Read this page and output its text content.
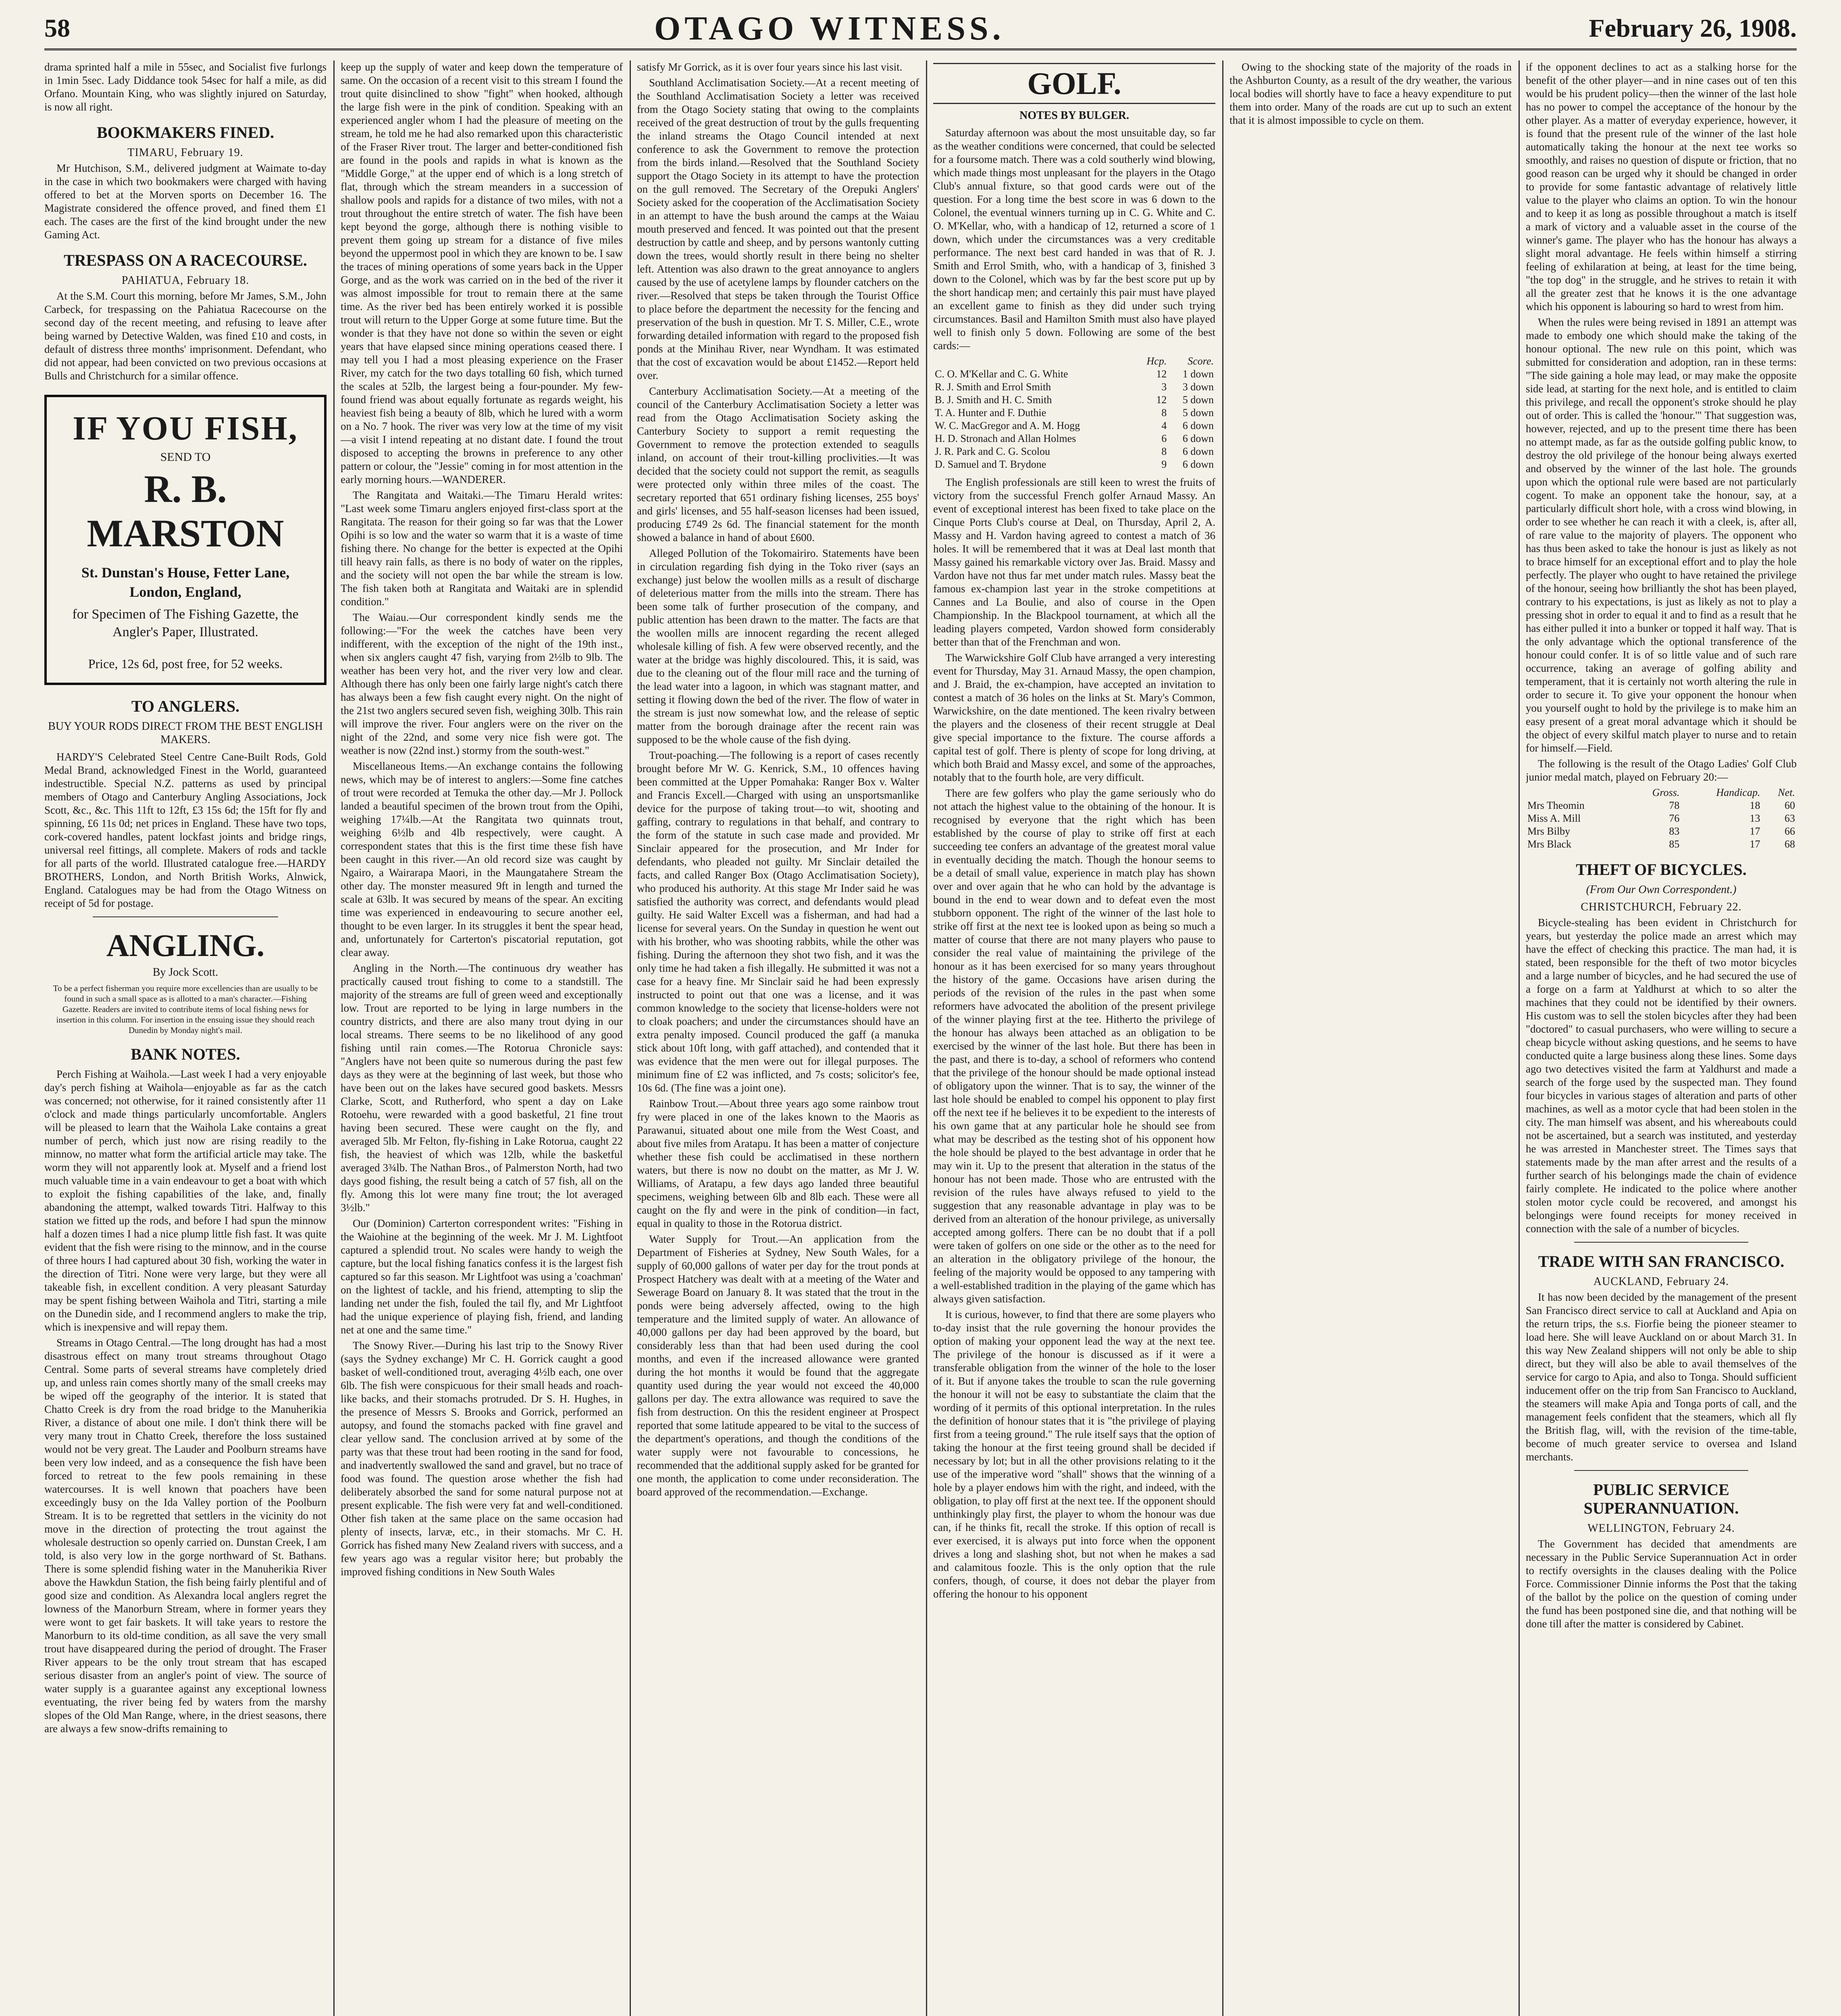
58	OTAGO WITNESS.	February 26, 1908.

drama sprinted half a mile in 55sec, and Socialist five furlongs in 1min 5sec. Lady Diddance took 54sec for half a mile, as did Orfano. Mountain King, who was slightly injured on Saturday, is now all right.

BOOKMAKERS FINED.
TIMARU, February 19.

Mr Hutchison, S.M., delivered judgment at Waimate to-day in the case in which two bookmakers were charged with having offered to bet at the Morven sports on December 16. The Magistrate considered the offence proved, and fined them £1 each. The cases are the first of the kind brought under the new Gaming Act.

TRESPASS ON A RACECOURSE.
PAHIATUA, February 18.

At the S.M. Court this morning, before Mr James, S.M., John Carbeck, for trespassing on the Pahiatua Racecourse on the second day of the recent meeting, and refusing to leave after being warned by Detective Walden, was fined £10 and costs, in default of distress three months' imprisonment. Defendant, who did not appear, had been convicted on two previous occasions at Bulls and Christchurch for a similar offence.

IF YOU FISH,
SEND TO
R. B. MARSTON
St. Dunstan's House, Fetter Lane, London, England,
for Specimen of The Fishing Gazette, the Angler's Paper, Illustrated.
Price, 12s 6d, post free, for 52 weeks.
TO ANGLERS.
BUY YOUR RODS DIRECT FROM THE BEST ENGLISH MAKERS.

HARDY'S Celebrated Steel Centre Cane-Built Rods, Gold Medal Brand, acknowledged Finest in the World, guaranteed indestructible. Special N.Z. patterns as used by principal members of Otago and Canterbury Angling Associations, Jock Scott, &c., &c. This 11ft to 12ft, £3 15s 6d; the 15ft for fly and spinning, £6 11s 0d; net prices in England. These have two tops, cork-covered handles, patent lockfast joints and bridge rings, universal reel fittings, all complete. Makers of rods and tackle for all parts of the world. Illustrated catalogue free.—HARDY BROTHERS, London, and North British Works, Alnwick, England. Catalogues may be had from the Otago Witness on receipt of 5d for postage.

ANGLING.
By Jock Scott.
To be a perfect fisherman you require more excellencies than are usually to be found in such a small space as is allotted to a man's character.—Fishing Gazette. Readers are invited to contribute items of local fishing news for insertion in this column. For insertion in the ensuing issue they should reach Dunedin by Monday night's mail.
BANK NOTES.

Perch Fishing at Waihola.—Last week I had a very enjoyable day's perch fishing at Waihola—enjoyable as far as the catch was concerned; not otherwise, for it rained consistently after 11 o'clock and made things particularly uncomfortable. Anglers will be pleased to learn that the Waihola Lake contains a great number of perch, which just now are rising readily to the minnow, no matter what form the artificial article may take. The worm they will not apparently look at. Myself and a friend lost much valuable time in a vain endeavour to get a boat with which to exploit the fishing capabilities of the lake, and, finally abandoning the attempt, walked towards Titri. Halfway to this station we fitted up the rods, and before I had spun the minnow half a dozen times I had a nice plump little fish fast. It was quite evident that the fish were rising to the minnow, and in the course of three hours I had captured about 30 fish, working the water in the direction of Titri. None were very large, but they were all takeable fish, in excellent condition. A very pleasant Saturday may be spent fishing between Waihola and Titri, starting a mile on the Dunedin side, and I recommend anglers to make the trip, which is inexpensive and will repay them.

Streams in Otago Central.—The long drought has had a most disastrous effect on many trout streams throughout Otago Central. Some parts of several streams have completely dried up, and unless rain comes shortly many of the small creeks may be wiped off the geography of the interior. It is stated that Chatto Creek is dry from the road bridge to the Manuherikia River, a distance of about one mile. I don't think there will be very many trout in Chatto Creek, therefore the loss sustained would not be very great. The Lauder and Poolburn streams have been very low indeed, and as a consequence the fish have been forced to retreat to the few pools remaining in these watercourses. It is well known that poachers have been exceedingly busy on the Ida Valley portion of the Poolburn Stream. It is to be regretted that settlers in the vicinity do not move in the direction of protecting the trout against the wholesale destruction so openly carried on. Dunstan Creek, I am told, is also very low in the gorge northward of St. Bathans. There is some splendid fishing water in the Manuherikia River above the Hawkdun Station, the fish being fairly plentiful and of good size and condition. As Alexandra local anglers regret the lowness of the Manorburn Stream, where in former years they were wont to get fair baskets. It will take years to restore the Manorburn to its old-time condition, as all save the very small trout have disappeared during the period of drought. The Fraser River appears to be the only trout stream that has escaped serious disaster from an angler's point of view. The source of water supply is a guarantee against any exceptional lowness eventuating, the river being fed by waters from the marshy slopes of the Old Man Range, where, in the driest seasons, there are always a few snow-drifts remaining to

keep up the supply of water and keep down the temperature of same. On the occasion of a recent visit to this stream I found the trout quite disinclined to show "fight" when hooked, although the large fish were in the pink of condition. Speaking with an experienced angler whom I had the pleasure of meeting on the stream, he told me he had also remarked upon this characteristic of the Fraser River trout. The larger and better-conditioned fish are found in the pools and rapids in what is known as the "Middle Gorge," at the upper end of which is a long stretch of flat, through which the stream meanders in a succession of shallow pools and rapids for a distance of two miles, with not a trout throughout the entire stretch of water. The fish have been kept beyond the gorge, although there is nothing visible to prevent them going up stream for a distance of five miles beyond the uppermost pool in which they are known to be. I saw the traces of mining operations of some years back in the Upper Gorge, and as the work was carried on in the bed of the river it was almost impossible for trout to remain there at the same time. As the river bed has been entirely worked it is possible trout will return to the Upper Gorge at some future time. But the wonder is that they have not done so within the seven or eight years that have elapsed since mining operations ceased there. I may tell you I had a most pleasing experience on the Fraser River, my catch for the two days totalling 60 fish, which turned the scales at 52lb, the largest being a four-pounder. My few-found friend was about equally fortunate as regards weight, his heaviest fish being a beauty of 8lb, which he lured with a worm on a No. 7 hook. The river was very low at the time of my visit—a visit I intend repeating at no distant date. I found the trout disposed to accepting the browns in preference to any other pattern or colour, the "Jessie" coming in for most attention in the early morning hours.—WANDERER.

The Rangitata and Waitaki.—The Timaru Herald writes: "Last week some Timaru anglers enjoyed first-class sport at the Rangitata. The reason for their going so far was that the Lower Opihi is so low and the water so warm that it is a waste of time fishing there. No change for the better is expected at the Opihi till heavy rain falls, as there is no body of water on the ripples, and the society will not open the bar while the stream is low. The fish taken both at Rangitata and Waitaki are in splendid condition."

The Waiau.—Our correspondent kindly sends me the following:—"For the week the catches have been very indifferent, with the exception of the night of the 19th inst., when six anglers caught 47 fish, varying from 2½lb to 9lb. The weather has been very hot, and the river very low and clear. Although there has only been one fairly large night's catch there has always been a few fish caught every night. On the night of the 21st two anglers secured seven fish, weighing 30lb. This rain will improve the river. Four anglers were on the river on the night of the 22nd, and some very nice fish were got. The weather is now (22nd inst.) stormy from the south-west."

Miscellaneous Items.—An exchange contains the following news, which may be of interest to anglers:—Some fine catches of trout were recorded at Temuka the other day.—Mr J. Pollock landed a beautiful specimen of the brown trout from the Opihi, weighing 17¼lb.—At the Rangitata two quinnats trout, weighing 6½lb and 4lb respectively, were caught. A correspondent states that this is the first time these fish have been caught in this river.—An old record size was caught by Ngairo, a Wairarapa Maori, in the Maungatahere Stream the other day. The monster measured 9ft in length and turned the scale at 63lb. It was secured by means of the spear. An exciting time was experienced in endeavouring to secure another eel, thought to be even larger. In its struggles it bent the spear head, and, unfortunately for Carterton's piscatorial reputation, got clear away.

Angling in the North.—The continuous dry weather has practically caused trout fishing to come to a standstill. The majority of the streams are full of green weed and exceptionally low. Trout are reported to be lying in large numbers in the country districts, and there are also many trout dying in our local streams. There seems to be no likelihood of any good fishing until rain comes.—The Rotorua Chronicle says: "Anglers have not been quite so numerous during the past few days as they were at the beginning of last week, but those who have been out on the lakes have secured good baskets. Messrs Clarke, Scott, and Rutherford, who spent a day on Lake Rotoehu, were rewarded with a good basketful, 21 fine trout having been secured. These were caught on the fly, and averaged 5lb. Mr Felton, fly-fishing in Lake Rotorua, caught 22 fish, the heaviest of which was 12lb, while the basketful averaged 3¾lb. The Nathan Bros., of Palmerston North, had two days good fishing, the result being a catch of 57 fish, all on the fly. Among this lot were many fine trout; the lot averaged 3½lb."

Our (Dominion) Carterton correspondent writes: "Fishing in the Waiohine at the beginning of the week. Mr J. M. Lightfoot captured a splendid trout. No scales were handy to weigh the capture, but the local fishing fanatics confess it is the largest fish captured so far this season. Mr Lightfoot was using a 'coachman' on the lightest of tackle, and his friend, attempting to slip the landing net under the fish, fouled the tail fly, and Mr Lightfoot had the unique experience of playing fish, friend, and landing net at one and the same time."

The Snowy River.—During his last trip to the Snowy River (says the Sydney exchange) Mr C. H. Gorrick caught a good basket of well-conditioned trout, averaging 4½lb each, one over 6lb. The fish were conspicuous for their small heads and roach-like backs, and their stomachs protruded. Dr S. H. Hughes, in the presence of Messrs S. Brooks and Gorrick, performed an autopsy, and found the stomachs packed with fine gravel and clear yellow sand. The conclusion arrived at by some of the party was that these trout had been rooting in the sand for food, and inadvertently swallowed the sand and gravel, but no trace of food was found. The question arose whether the fish had deliberately absorbed the sand for some natural purpose not at present explicable. The fish were very fat and well-conditioned. Other fish taken at the same place on the same occasion had plenty of insects, larvæ, etc., in their stomachs. Mr C. H. Gorrick has fished many New Zealand rivers with success, and a few years ago was a regular visitor here; but probably the improved fishing conditions in New South Wales

satisfy Mr Gorrick, as it is over four years since his last visit.

Southland Acclimatisation Society.—At a recent meeting of the Southland Acclimatisation Society a letter was received from the Otago Society stating that owing to the complaints received of the great destruction of trout by the gulls frequenting the inland streams the Otago Council intended at next conference to ask the Government to remove the protection from the birds inland.—Resolved that the Southland Society support the Otago Society in its attempt to have the protection on the gull removed. The Secretary of the Orepuki Anglers' Society asked for the cooperation of the Acclimatisation Society in an attempt to have the bush around the camps at the Waiau mouth preserved and fenced. It was pointed out that the present destruction by cattle and sheep, and by persons wantonly cutting down the trees, would shortly result in there being no shelter left. Attention was also drawn to the great annoyance to anglers caused by the use of acetylene lamps by flounder catchers on the river.—Resolved that steps be taken through the Tourist Office to place before the department the necessity for the fencing and preservation of the bush in question. Mr T. S. Miller, C.E., wrote forwarding detailed information with regard to the proposed fish ponds at the Minihau River, near Wyndham. It was estimated that the cost of excavation would be about £1452.—Report held over.

Canterbury Acclimatisation Society.—At a meeting of the council of the Canterbury Acclimatisation Society a letter was read from the Otago Acclimatisation Society asking the Canterbury Society to support a remit requesting the Government to remove the protection extended to seagulls inland, on account of their trout-killing proclivities.—It was decided that the society could not support the remit, as seagulls were protected only within three miles of the coast. The secretary reported that 651 ordinary fishing licenses, 255 boys' and girls' licenses, and 55 half-season licenses had been issued, producing £749 2s 6d. The financial statement for the month showed a balance in hand of about £600.

Alleged Pollution of the Tokomairiro. Statements have been in circulation regarding fish dying in the Toko river (says an exchange) just below the woollen mills as a result of discharge of deleterious matter from the mills into the stream. There has been some talk of further prosecution of the company, and public attention has been drawn to the matter. The facts are that the woollen mills are innocent regarding the recent alleged wholesale killing of fish. A few were observed recently, and the water at the bridge was highly discoloured. This, it is said, was due to the cleaning out of the flour mill race and the turning of the lead water into a lagoon, in which was stagnant matter, and setting it flowing down the bed of the river. The flow of water in the stream is just now somewhat low, and the release of septic matter from the borough drainage after the recent rain was supposed to be the whole cause of the fish dying.

Trout-poaching.—The following is a report of cases recently brought before Mr W. G. Kenrick, S.M., 10 offences having been committed at the Upper Pomahaka: Ranger Box v. Walter and Francis Excell.—Charged with using an unsportsmanlike device for the purpose of taking trout—to wit, shooting and gaffing, contrary to regulations in that behalf, and contrary to the form of the statute in such case made and provided. Mr Sinclair appeared for the prosecution, and Mr Inder for defendants, who pleaded not guilty. Mr Sinclair detailed the facts, and called Ranger Box (Otago Acclimatisation Society), who produced his authority. At this stage Mr Inder said he was satisfied the authority was correct, and defendants would plead guilty. He said Walter Excell was a fisherman, and had had a license for several years. On the Sunday in question he went out with his brother, who was shooting rabbits, while the other was fishing. During the afternoon they shot two fish, and it was the only time he had taken a fish illegally. He submitted it was not a case for a heavy fine. Mr Sinclair said he had been expressly instructed to point out that one was a license, and it was common knowledge to the society that license-holders were not to cloak poachers; and under the circumstances should have an extra penalty imposed. Council produced the gaff (a manuka stick about 10ft long, with gaff attached), and contended that it was evidence that the men were out for illegal purposes. The minimum fine of £2 was inflicted, and 7s costs; solicitor's fee, 10s 6d. (The fine was a joint one).

Rainbow Trout.—About three years ago some rainbow trout fry were placed in one of the lakes known to the Maoris as Parawanui, situated about one mile from the West Coast, and about five miles from Aratapu. It has been a matter of conjecture whether these fish could be acclimatised in these northern waters, but there is now no doubt on the matter, as Mr J. W. Williams, of Aratapu, a few days ago landed three beautiful specimens, weighing between 6lb and 8lb each. These were all caught on the fly and were in the pink of condition—in fact, equal in quality to those in the Rotorua district.

Water Supply for Trout.—An application from the Department of Fisheries at Sydney, New South Wales, for a supply of 60,000 gallons of water per day for the trout ponds at Prospect Hatchery was dealt with at a meeting of the Water and Sewerage Board on January 8. It was stated that the trout in the ponds were being adversely affected, owing to the high temperature and the limited supply of water. An allowance of 40,000 gallons per day had been approved by the board, but considerably less than that had been used during the cool months, and even if the increased allowance were granted during the hot months it would be found that the aggregate quantity used during the year would not exceed the 40,000 gallons per day. The extra allowance was required to save the fish from destruction. On this the resident engineer at Prospect reported that some latitude appeared to be vital to the success of the department's operations, and though the conditions of the water supply were not favourable to concessions, he recommended that the additional supply asked for be granted for one month, the application to come under reconsideration. The board approved of the recommendation.—Exchange.

GOLF.
NOTES BY BULGER.

Saturday afternoon was about the most unsuitable day, so far as the weather conditions were concerned, that could be selected for a foursome match. There was a cold southerly wind blowing, which made things most unpleasant for the players in the Otago Club's annual fixture, so that good cards were out of the question. For a long time the best score in was 6 down to the Colonel, the eventual winners turning up in C. G. White and C. O. M'Kellar, who, with a handicap of 12, returned a score of 1 down, which under the circumstances was a very creditable performance. The next best card handed in was that of R. J. Smith and Errol Smith, who, with a handicap of 3, finished 3 down to the Colonel, which was by far the best score put up by the short handicap men; and certainly this pair must have played an excellent game to finish as they did under such trying circumstances. Basil and Hamilton Smith must also have played well to finish only 5 down. Following are some of the best cards:—

	Hcp.	Score.
C. O. M'Kellar and C. G. White	12	1 down
R. J. Smith and Errol Smith	3	3 down
B. J. Smith and H. C. Smith	12	5 down
T. A. Hunter and F. Duthie	8	5 down
W. C. MacGregor and A. M. Hogg	4	6 down
H. D. Stronach and Allan Holmes	6	6 down
J. R. Park and C. G. Scolou	8	6 down
D. Samuel and T. Brydone	9	6 down

The English professionals are still keen to wrest the fruits of victory from the successful French golfer Arnaud Massy. An event of exceptional interest has been fixed to take place on the Cinque Ports Club's course at Deal, on Thursday, April 2, A. Massy and H. Vardon having agreed to contest a match of 36 holes. It will be remembered that it was at Deal last month that Massy gained his remarkable victory over Jas. Braid. Massy and Vardon have not thus far met under match rules. Massy beat the famous ex-champion last year in the stroke competitions at Cannes and La Boulie, and also of course in the Open Championship. In the Blackpool tournament, at which all the leading players competed, Vardon showed form considerably better than that of the Frenchman and won.

The Warwickshire Golf Club have arranged a very interesting event for Thursday, May 31. Arnaud Massy, the open champion, and J. Braid, the ex-champion, have accepted an invitation to contest a match of 36 holes on the links at St. Mary's Common, Warwickshire, on the date mentioned. The keen rivalry between the players and the closeness of their recent struggle at Deal give special importance to the fixture. The course affords a capital test of golf. There is plenty of scope for long driving, at which both Braid and Massy excel, and some of the approaches, notably that to the fourth hole, are very difficult.

There are few golfers who play the game seriously who do not attach the highest value to the obtaining of the honour. It is recognised by everyone that the right which has been established by the course of play to strike off first at each succeeding tee confers an advantage of the greatest moral value in eventually deciding the match. Though the honour seems to be a detail of small value, experience in match play has shown over and over again that he who can hold by the advantage is bound in the end to wear down and to defeat even the most stubborn opponent. The right of the winner of the last hole to strike off first at the next tee is looked upon as being so much a matter of course that there are not many players who pause to consider the real value of maintaining the privilege of the honour as it has been exercised for so many years throughout the history of the game. Occasions have arisen during the periods of the revision of the rules in the past when some reformers have advocated the abolition of the present privilege of the winner playing first at the tee. Hitherto the privilege of the honour has always been attached as an obligation to be exercised by the winner of the last hole. But there has been in the past, and there is to-day, a school of reformers who contend that the privilege of the honour should be made optional instead of obligatory upon the winner. That is to say, the winner of the last hole should be enabled to compel his opponent to play first off the next tee if he believes it to be expedient to the interests of his own game that at any particular hole he should see from what may be described as the testing shot of his opponent how the hole should be played to the best advantage in order that he may win it. Up to the present that alteration in the status of the honour has not been made. Those who are entrusted with the revision of the rules have always refused to yield to the suggestion that any reasonable advantage in play was to be derived from an alteration of the honour privilege, as universally accepted among golfers. There can be no doubt that if a poll were taken of golfers on one side or the other as to the need for an alteration in the obligatory privilege of the honour, the feeling of the majority would be opposed to any tampering with a well-established tradition in the playing of the game which has always given satisfaction.

It is curious, however, to find that there are some players who to-day insist that the rule governing the honour provides the option of making your opponent lead the way at the next tee. The privilege of the honour is discussed as if it were a transferable obligation from the winner of the hole to the loser of it. But if anyone takes the trouble to scan the rule governing the honour it will not be easy to substantiate the claim that the wording of it permits of this optional interpretation. In the rules the definition of honour states that it is "the privilege of playing first from a teeing ground." The rule itself says that the option of taking the honour at the first teeing ground shall be decided if necessary by lot; but in all the other provisions relating to it the use of the imperative word "shall" shows that the winning of a hole by a player endows him with the right, and indeed, with the obligation, to play off first at the next tee. If the opponent should unthinkingly play first, the player to whom the honour was due can, if he thinks fit, recall the stroke. If this option of recall is ever exercised, it is always put into force when the opponent drives a long and slashing shot, but not when he makes a sad and calamitous foozle. This is the only option that the rule confers, though, of course, it does not debar the player from offering the honour to his opponent

Owing to the shocking state of the majority of the roads in the Ashburton County, as a result of the dry weather, the various local bodies will shortly have to face a heavy expenditure to put them into order. Many of the roads are cut up to such an extent that it is almost impossible to cycle on them.

if the opponent declines to act as a stalking horse for the benefit of the other player—and in nine cases out of ten this would be his prudent policy—then the winner of the last hole has no power to compel the acceptance of the honour by the other player. As a matter of everyday experience, however, it is found that the present rule of the winner of the last hole automatically taking the honour at the next tee works so smoothly, and raises no question of dispute or friction, that no good reason can be urged why it should be changed in order to provide for some fantastic advantage of relatively little value to the player who claims an option. To win the honour and to keep it as long as possible throughout a match is itself a mark of victory and a valuable asset in the course of the winner's game. The player who has the honour has always a slight moral advantage. He feels within himself a stirring feeling of exhilaration at being, at least for the time being, "the top dog" in the struggle, and he strives to retain it with all the greater zest that he knows it is the one advantage which his opponent is labouring so hard to wrest from him.

When the rules were being revised in 1891 an attempt was made to embody one which should make the taking of the honour optional. The new rule on this point, which was submitted for consideration and adoption, ran in these terms: "The side gaining a hole may lead, or may make the opposite side lead, at starting for the next hole, and is entitled to claim this privilege, and recall the opponent's stroke should he play out of order. This is called the 'honour.'" That suggestion was, however, rejected, and up to the present time there has been no attempt made, as far as the outside golfing public know, to destroy the old privilege of the honour being always exerted and observed by the winner of the last hole. The grounds upon which the optional rule were based are not particularly cogent. To make an opponent take the honour, say, at a particularly difficult short hole, with a cross wind blowing, in order to see whether he can reach it with a cleek, is, after all, of rare value to the majority of players. The opponent who has thus been asked to take the honour is just as likely as not to brace himself for an exceptional effort and to play the hole perfectly. The player who ought to have retained the privilege of the honour, seeing how brilliantly the shot has been played, contrary to his expectations, is just as likely as not to play a pressing shot in order to equal it and to find as a result that he has either pulled it into a bunker or topped it half way. That is the only advantage which the optional transference of the honour could confer. It is of so little value and of such rare occurrence, taking an average of golfing ability and temperament, that it is certainly not worth altering the rule in order to secure it. To give your opponent the honour when you yourself ought to hold by the privilege is to make him an easy present of a great moral advantage which it should be the object of every skilful match player to nurse and to retain for himself.—Field.

The following is the result of the Otago Ladies' Golf Club junior medal match, played on February 20:—

	Gross.	Handicap.	Net.
Mrs Theomin	78	18	60
Miss A. Mill	76	13	63
Mrs Bilby	83	17	66
Mrs Black	85	17	68
THEFT OF BICYCLES.
(From Our Own Correspondent.)
CHRISTCHURCH, February 22.

Bicycle-stealing has been evident in Christchurch for years, but yesterday the police made an arrest which may have the effect of checking this practice. The man had, it is stated, been responsible for the theft of two motor bicycles and a large number of bicycles, and he had secured the use of a forge on a farm at Yaldhurst at which to so alter the machines that they could not be identified by their owners. His custom was to sell the stolen bicycles after they had been "doctored" to casual purchasers, who were willing to secure a cheap bicycle without asking questions, and he seems to have conducted quite a large business along these lines. Some days ago two detectives visited the farm at Yaldhurst and made a search of the forge used by the suspected man. They found four bicycles in various stages of alteration and parts of other machines, as well as a motor cycle that had been stolen in the city. The man himself was absent, and his whereabouts could not be ascertained, but a search was instituted, and yesterday he was arrested in Manchester street. The Times says that statements made by the man after arrest and the results of a further search of his belongings made the chain of evidence fairly complete. He indicated to the police where another stolen motor cycle could be recovered, and amongst his belongings were found receipts for money received in connection with the sale of a number of bicycles.

TRADE WITH SAN FRANCISCO.
AUCKLAND, February 24.

It has now been decided by the management of the present San Francisco direct service to call at Auckland and Apia on the return trips, the s.s. Fiorfie being the pioneer steamer to load here. She will leave Auckland on or about March 31. In this way New Zealand shippers will not only be able to ship direct, but they will also be able to avail themselves of the service for cargo to Apia, and also to Tonga. Should sufficient inducement offer on the trip from San Francisco to Auckland, the steamers will make Apia and Tonga ports of call, and the management feels confident that the steamers, which all fly the British flag, will, with the revision of the time-table, become of much greater service to oversea and Island merchants.

PUBLIC SERVICE SUPERANNUATION.
WELLINGTON, February 24.

The Government has decided that amendments are necessary in the Public Service Superannuation Act in order to rectify oversights in the clauses dealing with the Police Force. Commissioner Dinnie informs the Post that the taking of the ballot by the police on the question of coming under the fund has been postponed sine die, and that nothing will be done till after the matter is considered by Cabinet.
